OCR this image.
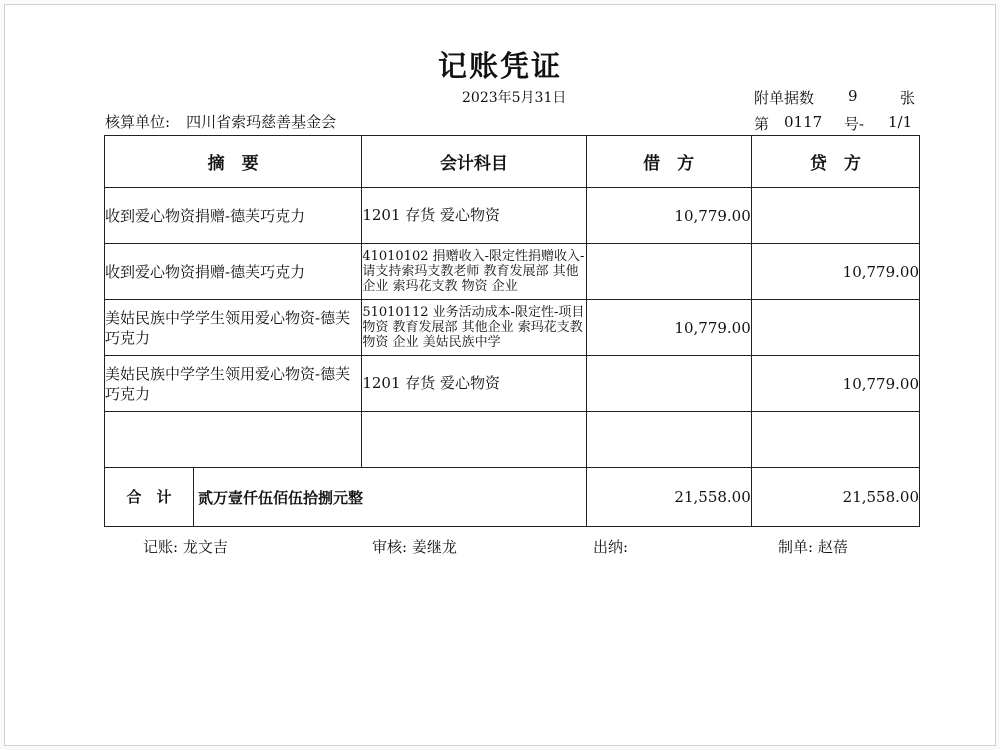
记账凭证
2023年5月31日
核算单位: 四川省索玛慈善基金会
附单据数 9	张
第 0117 号- 1/1
摘　要	会计科目	借　方	贷　方
收到爱心物资捐赠-德芙巧克力	1201 存货 爱心物资	10,779.00	
收到爱心物资捐赠-德芙巧克力	41010102 捐赠收入-限定性捐赠收入-请支持索玛支教老师 教育发展部 其他企业 索玛花支教 物资 企业		10,779.00
美姑民族中学学生领用爱心物资-德芙巧克力	51010112 业务活动成本-限定性-项目物资 教育发展部 其他企业 索玛花支教 物资 企业 美姑民族中学	10,779.00	
美姑民族中学学生领用爱心物资-德芙巧克力	1201 存货 爱心物资		10,779.00

合　计 贰万壹仟伍佰伍拾捌元整		21,558.00	21,558.00
记账: 龙文吉	审核: 姜继龙	出纳:	制单: 赵蓓
